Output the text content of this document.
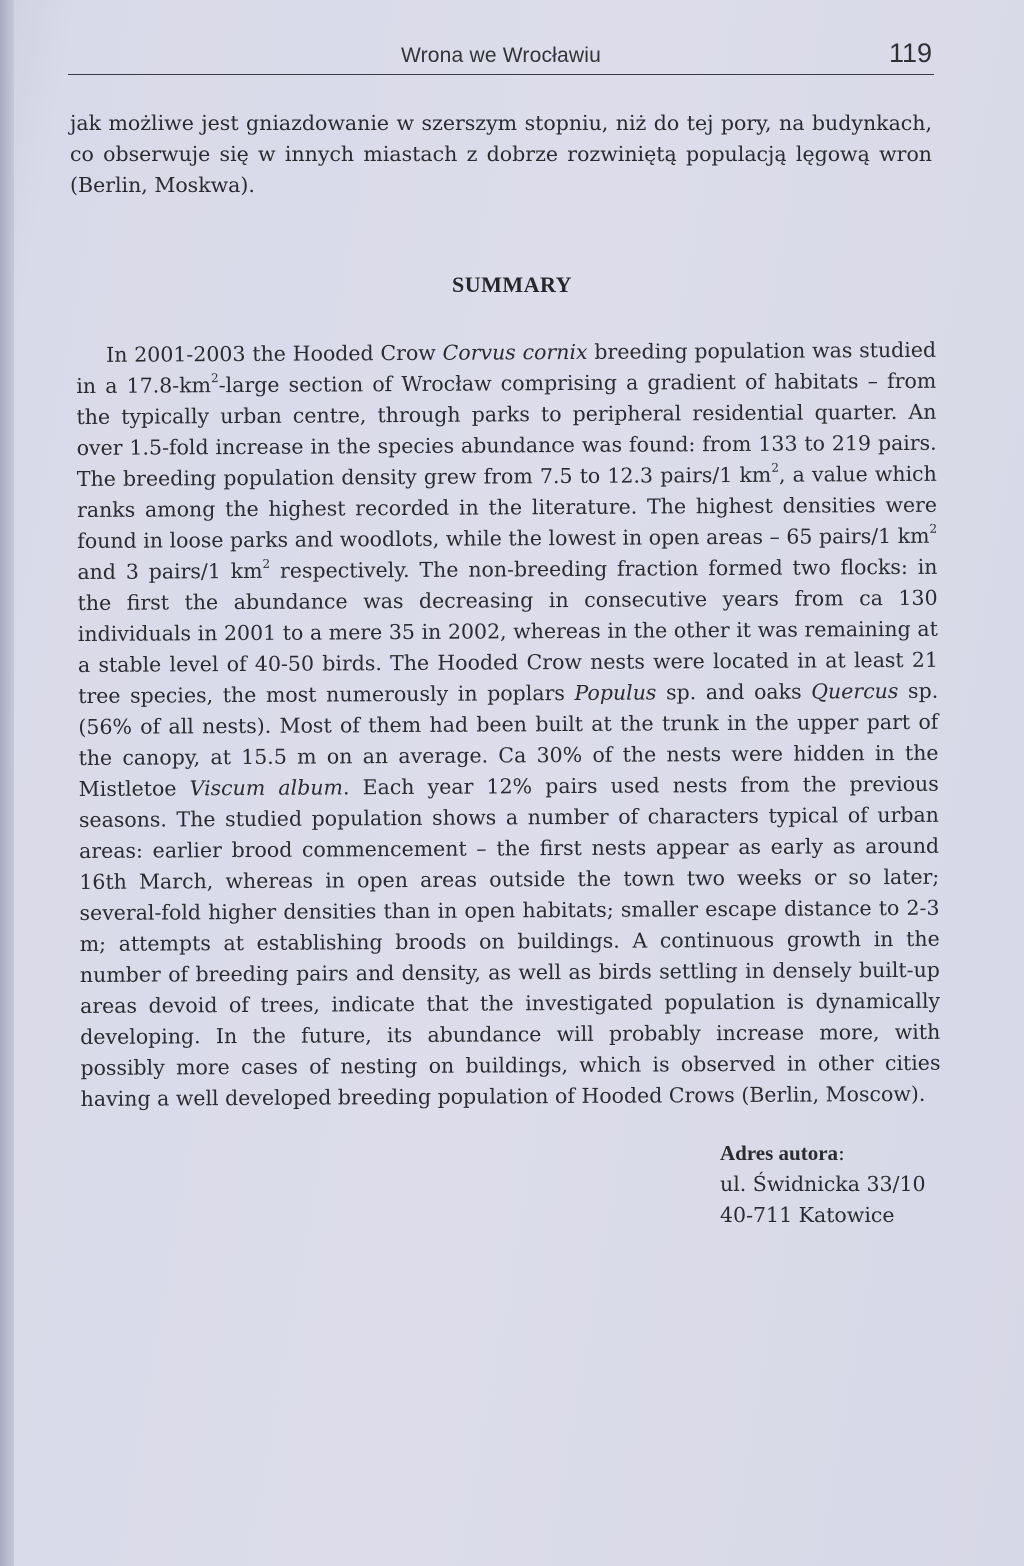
Wrona we Wrocławiu	119

jak możliwe jest gniazdowanie w szerszym stopniu, niż do tej pory, na budynkach, co obserwuje się w innych miastach z dobrze rozwiniętą populacją lęgową wron (Berlin, Moskwa).

SUMMARY

In 2001-2003 the Hooded Crow Corvus cornix breeding population was studied in a $17.8-km^2$-large section of Wrocław comprising a gradient of habitats – from the typically urban centre, through parks to peripheral residential quarter. An over 1.5-fold increase in the species abundance was found: from 133 to 219 pairs. The breeding population density grew from 7.5 to 12.3 pairs/1 $km^2$, a value which ranks among the highest recorded in the literature. The highest densities were found in loose parks and woodlots, while the lowest in open areas – 65 pairs/1 $km^2$ and 3 pairs/1 $km^2$ respectively. The non-breeding fraction formed two flocks: in the first the abundance was decreasing in consecutive years from ca 130 individuals in 2001 to a mere 35 in 2002, whereas in the other it was remaining at a stable level of 40-50 birds. The Hooded Crow nests were located in at least 21 tree species, the most numerously in poplars Populus sp. and oaks Quercus sp. (56% of all nests). Most of them had been built at the trunk in the upper part of the canopy, at 15.5 m on an average. Ca 30% of the nests were hidden in the Mistletoe Viscum album. Each year 12% pairs used nests from the previous seasons. The studied population shows a number of characters typical of urban areas: earlier brood commencement – the first nests appear as early as around 16th March, whereas in open areas outside the town two weeks or so later; several-fold higher densities than in open habitats; smaller escape distance to 2-3 m; attempts at establishing broods on buildings. A continuous growth in the number of breeding pairs and density, as well as birds settling in densely built-up areas devoid of trees, indicate that the investigated population is dynamically developing. In the future, its abundance will probably increase more, with possibly more cases of nesting on buildings, which is observed in other cities having a well developed breeding population of Hooded Crows (Berlin, Moscow).

Adres autora:
ul. Świdnicka 33/10
40-711 Katowice
